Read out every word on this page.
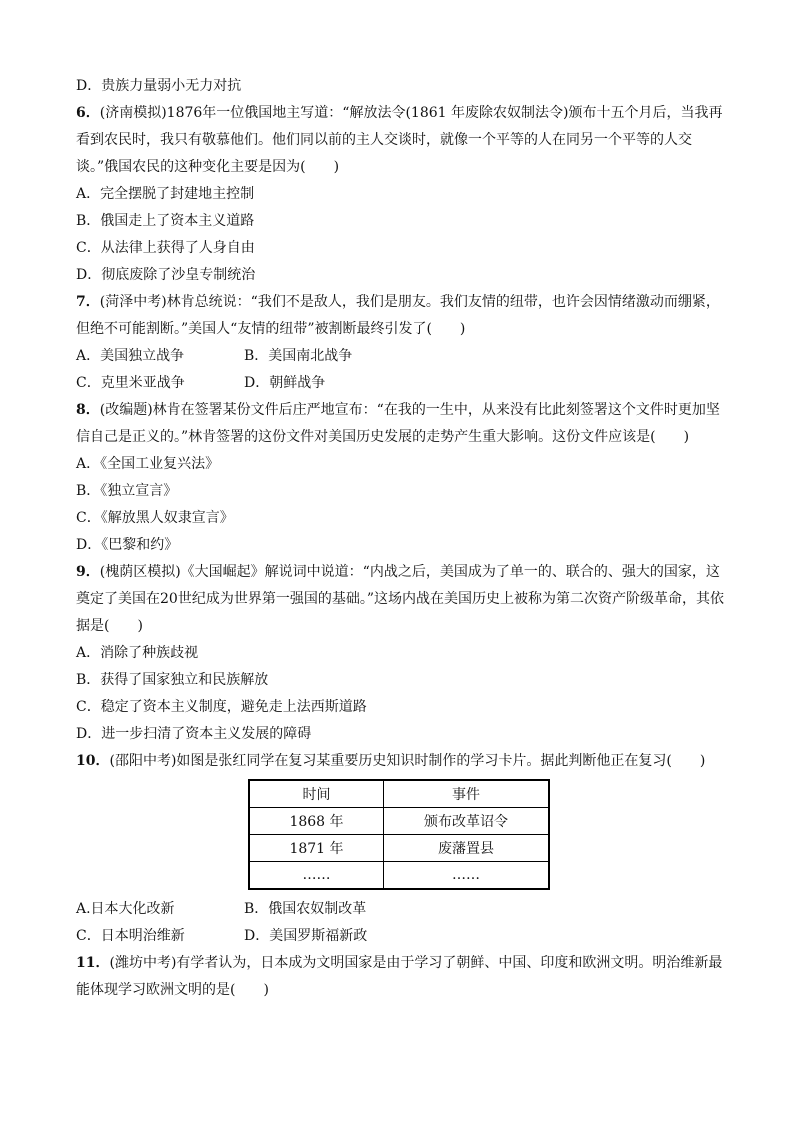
D．贵族力量弱小无力对抗
6．(济南模拟)1876年一位俄国地主写道：“解放法令(1861 年废除农奴制法令)颁布十五个月后，当我再看到农民时，我只有敬慕他们。他们同以前的主人交谈时，就像一个平等的人在同另一个平等的人交谈。”俄国农民的这种变化主要是因为(　　)
A．完全摆脱了封建地主控制
B．俄国走上了资本主义道路
C．从法律上获得了人身自由
D．彻底废除了沙皇专制统治
7．(菏泽中考)林肯总统说：“我们不是敌人，我们是朋友。我们友情的纽带，也许会因情绪激动而绷紧，但绝不可能割断。”美国人“友情的纽带”被割断最终引发了(　　)
A．美国独立战争	B．美国南北战争
C．克里米亚战争	D．朝鲜战争
8．(改编题)林肯在签署某份文件后庄严地宣布：“在我的一生中，从来没有比此刻签署这个文件时更加坚信自己是正义的。”林肯签署的这份文件对美国历史发展的走势产生重大影响。这份文件应该是(　　)
A．《全国工业复兴法》
B．《独立宣言》
C．《解放黑人奴隶宣言》
D．《巴黎和约》
9．(槐荫区模拟)《大国崛起》解说词中说道：“内战之后，美国成为了单一的、联合的、强大的国家，这奠定了美国在20世纪成为世界第一强国的基础。”这场内战在美国历史上被称为第二次资产阶级革命，其依据是(　　)
A．消除了种族歧视
B．获得了国家独立和民族解放
C．稳定了资本主义制度，避免走上法西斯道路
D．进一步扫清了资本主义发展的障碍
10．(邵阳中考)如图是张红同学在复习某重要历史知识时制作的学习卡片。据此判断他正在复习(　　)
时间	事件
1868 年	颁布改革诏令
1871 年	废藩置县
……	……
A.日本大化改新	B．俄国农奴制改革
C．日本明治维新	D．美国罗斯福新政
11．(潍坊中考)有学者认为，日本成为文明国家是由于学习了朝鲜、中国、印度和欧洲文明。明治维新最能体现学习欧洲文明的是(　　)
